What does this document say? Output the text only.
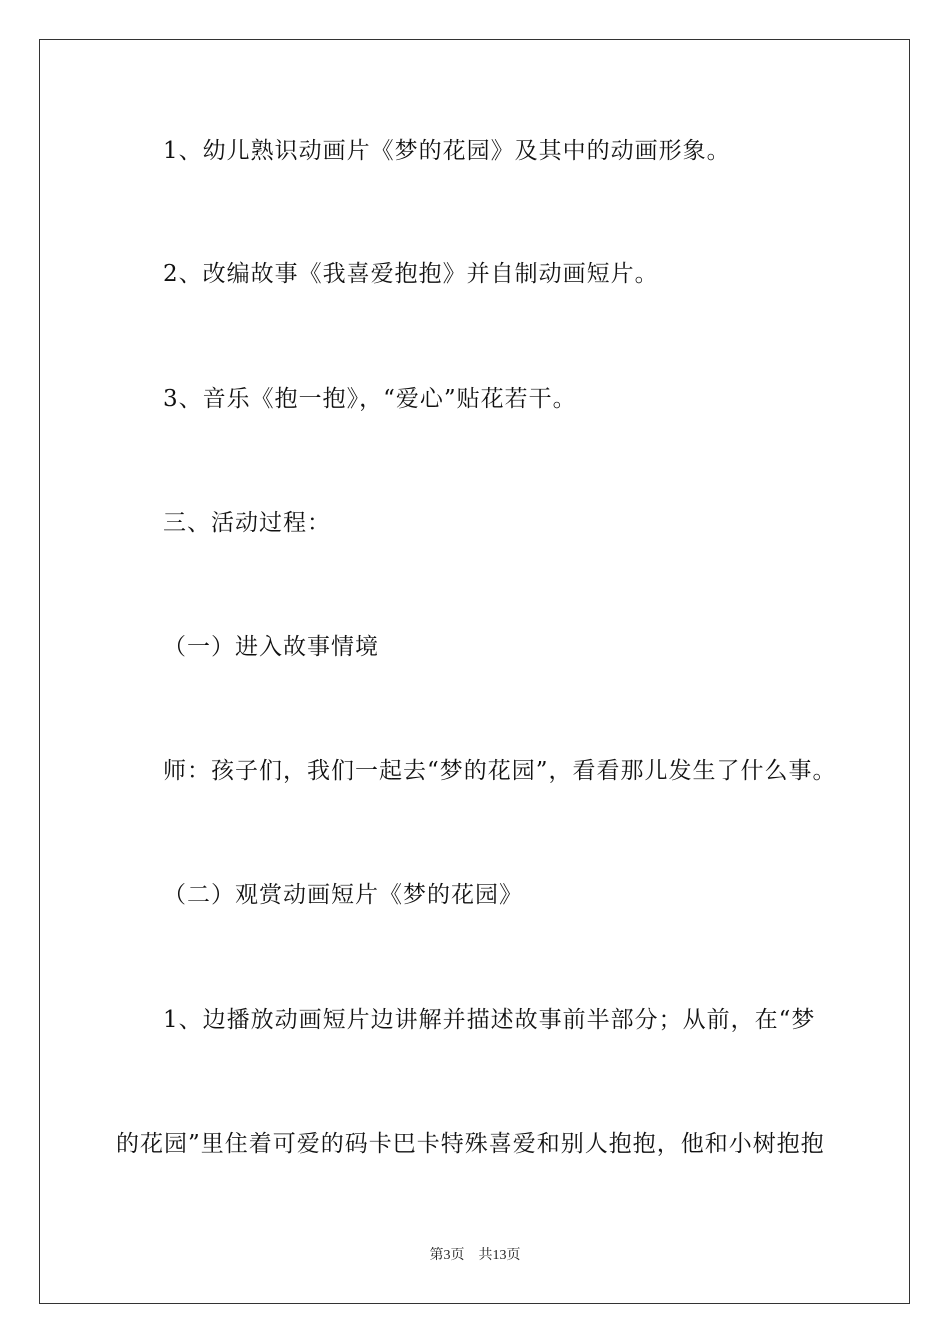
1、幼儿熟识动画片《梦的花园》及其中的动画形象。
2、改编故事《我喜爱抱抱》并自制动画短片。
3、音乐《抱一抱》，“爱心”贴花若干。
三、活动过程：
（一）进入故事情境
师：孩子们，我们一起去“梦的花园”，看看那儿发生了什么事。
（二）观赏动画短片《梦的花园》
1、边播放动画短片边讲解并描述故事前半部分；从前，在“梦
的花园”里住着可爱的码卡巴卡特殊喜爱和别人抱抱，他和小树抱抱
第3页 共13页
